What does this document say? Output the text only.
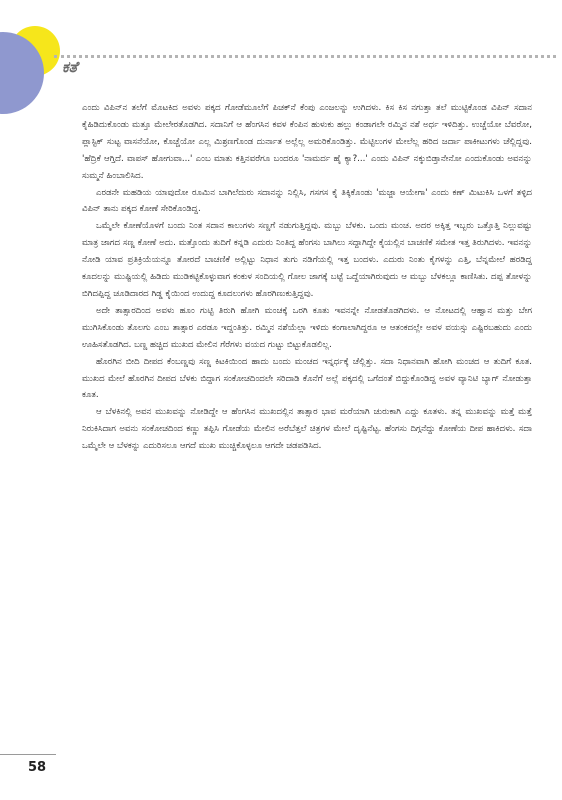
ಕತೆ

ಎಂದು ವಿಪಿನ್‌ನ ತಲೆಗೆ ಮೊಟಕಿದ ಅವಳು ಪಕ್ಕದ ಗೋಡೆಮೂಲೆಗೆ ಪಿಚಕ್‌ನೆ ಕೆಂಪು ಎಂಜಲನ್ನು ಉಗಿದಳು. ಕಿಸ ಕಿಸ ನಗುತ್ತಾ ತಲೆ ಮುಟ್ಟಿಕೊಂಡ ವಿಪಿನ್ ಸದಾನ ಕೈಹಿಡಿದುಕೊಂಡು ಮತ್ತೂ ಮೇಲೇರತೊಡಗಿದ. ಸದಾನಿಗೆ ಆ ಹೆಂಗಸಿನ ಕವಳ ಕೆಂಪಿನ ಹುಳುಕು ಹಲ್ಲು ಕಂಡಾಗಲೇ ರಮ್ಮಿನ ನಶೆ ಅರ್ಧ ಇಳಿದಿತ್ತು. ಉಚ್ಚೆಯೋ ಬೆವರೋ, ಪ್ಲಾಸ್ಟಿಕ್ ಸುಟ್ಟ ವಾಸನೆಯೋ, ಕೊಚ್ಚೆಯೋ ಎಲ್ಲ ಮಿಶ್ರಣಗೊಂಡ ದುರ್ನಾತ ಅಲ್ಲೆಲ್ಲ ಅಮರಿಕೊಂಡಿತ್ತು. ಮೆಟ್ಟಿಲುಗಳ ಮೇಲೆಲ್ಲ ಹರಿದ ಜರ್ದಾ ಪಾಕೀಟುಗಳು ಚೆಲ್ಲಿದ್ದವು. 'ಹೆದ್ರಿಕೆ ಆಗ್ತಿದೆ. ವಾಪಸ್ ಹೋಗುವಾ...' ಎಂಬ ಮಾತು ಕತ್ತಿನವರೆಗೂ ಬಂದರೂ 'ನಾಮರ್ದ ಹೈ ಕ್ಯಾ?...' ಎಂದು ವಿಪಿನ್ ನಕ್ಕುಬಿಡ್ತಾನೇನೋ ಎಂದುಕೊಂಡು ಅವನನ್ನು ಸುಮ್ಮನೆ ಹಿಂಬಾಲಿಸಿದ.

ಎರಡನೇ ಮಹಡಿಯ ಯಾವುದೋ ರೂಮಿನ ಬಾಗಿಲೆದುರು ಸದಾನನ್ನು ನಿಲ್ಲಿಸಿ, ಗಸಗಸ ಕೈ ತಿಕ್ಕಿಕೊಂಡು 'ಮಜ್ಜಾ ಆಯೇಗಾ' ಎಂದು ಕಣ್ ಮಿಟುಕಿಸಿ ಒಳಗೆ ತಳ್ಳಿದ ವಿಪಿನ್ ತಾನು ಪಕ್ಕದ ಕೋಣೆ ಸೇರಿಕೊಂಡಿದ್ದ.

ಒಮ್ಮೆಲೇ ಕೋಣೆಯೊಳಗೆ ಬಂದು ನಿಂತ ಸದಾನ ಕಾಲುಗಳು ಸಣ್ಣಗೆ ನಡುಗುತ್ತಿದ್ದವು. ಮಬ್ಬು ಬೆಳಕು. ಒಂದು ಮಂಚ. ಅದರ ಅಕ್ಕಿತ್ತ ಇಬ್ಬರು ಒತ್ತೊತ್ತಿ ನಿಲ್ಲುವಷ್ಟು ಮಾತ್ರ ಜಾಗದ ಸಣ್ಣ ಕೋಣೆ ಅದು. ಮತ್ತೊಂದು ತುದಿಗೆ ಕನ್ನಡಿ ಎದುರು ನಿಂತಿದ್ದ ಹೆಂಗಸು ಬಾಗಿಲು ಸದ್ದಾಗಿದ್ದೇ ಕೈಯಲ್ಲಿನ ಬಾಚಣಿಕೆ ಸಮೇತ ಇತ್ತ ತಿರುಗಿದಳು. ಇವನನ್ನು ನೋಡಿ ಯಾವ ಪ್ರತಿಕ್ರಿಯೆಯನ್ನೂ ತೋರದೆ ಬಾಚಣಿಕೆ ಅಲ್ಲಿಟ್ಟು ನಿಧಾನ ತುಗು ನಡಿಗೆಯಲ್ಲಿ ಇತ್ತ ಬಂದಳು. ಎದುರು ನಿಂತು ಕೈಗಳನ್ನು ಎತ್ತಿ, ಬೆನ್ನಮೇಲೆ ಹರಡಿದ್ದ ಕೂದಲನ್ನು ಮುಷ್ಟಿಯಲ್ಲಿ ಹಿಡಿದು ಮುಡಿಕಟ್ಟಿಕೊಳ್ಳುವಾಗ ಕಂಕುಳ ಸಂದಿಯಲ್ಲಿ ಗೋಲ ಜಾಗಕ್ಕೆ ಬಟ್ಟೆ ಒದ್ದೆಯಾಗಿರುವುದು ಆ ಮಬ್ಬು ಬೆಳಕಲ್ಲೂ ಕಾಣಿಸಿತು. ದಪ್ಪ ತೋಳನ್ನು ಬಿಗಿದಪ್ಪಿದ್ದ ಚೂಡಿದಾರದ ಗಿಡ್ಡ ಕೈಯಿಂದ ಉದುದ್ದ ಕೂದಲುಗಳು ಹೊರಗಿಣುಕುತ್ತಿದ್ದವು.

ಅದೇ ತಾತ್ಸಾರದಿಂದ ಅವಳು ಹೂಂ ಗುಟ್ಟಿ ತಿರುಗಿ ಹೋಗಿ ಮಂಚಕ್ಕೆ ಒರಗಿ ಕೂತು ಇವನನ್ನೇ ನೋಡತೊಡಗಿದಳು. ಆ ನೋಟದಲ್ಲಿ ಆಹ್ವಾನ ಮತ್ತು ಬೇಗ ಮುಗಿಸಿಕೊಂಡು ತೊಲಗು ಎಂಬ ತಾತ್ಸಾರ ಎರಡೂ ಇದ್ದಂತಿತ್ತು. ರಮ್ಮಿನ ನಶೆಯೆಲ್ಲಾ ಇಳಿದು ಕಂಗಾಲಾಗಿದ್ದರೂ ಆ ಆತಂಕದಲ್ಲೇ ಅವಳ ವಯಸ್ಸು ಎಷ್ಟಿರಬಹುದು ಎಂದು ಊಹಿಸತೊಡಗಿದ. ಬಣ್ಣ ಹಚ್ಚಿದ ಮುಖದ ಮೇಲಿನ ಗೆರೆಗಳು ವಯದ ಗುಟ್ಟು ಬಿಟ್ಟುಕೊಡಲಿಲ್ಲ.

ಹೊರಗಿನ ಬೀದಿ ದೀಪದ ಕೆಂಬಣ್ಣವು ಸಣ್ಣ ಕಿಟಕಿಯಿಂದ ಹಾದು ಬಂದು ಮಂಚದ ಇನ್ನರ್ಧಕ್ಕೆ ಚೆಲ್ಲಿತ್ತು. ಸದಾ ನಿಧಾನವಾಗಿ ಹೋಗಿ ಮಂಚದ ಆ ತುದಿಗೆ ಕೂತ. ಮುಖದ ಮೇಲೆ ಹೊರಗಿನ ದೀಪದ ಬೆಳಕು ಬಿದ್ದಾಗ ಸಂಕೋಚದಿಂದಲೇ ಸರಿದಾಡಿ ಕೊನೆಗೆ ಅಲ್ಲೆ ಪಕ್ಕದಲ್ಲಿ ಒಗೆದಂತೆ ಬಿದ್ದುಕೊಂಡಿದ್ದ ಅವಳ ವ್ಯಾನಿಟಿ ಬ್ಯಾಗ್ ನೋಡುತ್ತಾ ಕೂತ.

ಆ ಬೆಳಕಿನಲ್ಲಿ ಅವನ ಮುಖವನ್ನು ನೋಡಿದ್ದೇ ಆ ಹೆಂಗಸಿನ ಮುಖದಲ್ಲಿನ ತಾತ್ಸಾರ ಭಾವ ಮರೆಯಾಗಿ ಚುರುಕಾಗಿ ಎದ್ದು ಕೂತಳು. ತನ್ನ ಮುಖವನ್ನು ಮತ್ತೆ ಮತ್ತೆ ನಿರುಕಿಸಿದಾಗ ಅವನು ಸಂಕೋಚದಿಂದ ಕಣ್ಣು ತಪ್ಪಿಸಿ ಗೋಡೆಯ ಮೇಲಿನ ಅರೆಬೆತ್ತಲೆ ಚಿತ್ರಗಳ ಮೇಲೆ ದೃಷ್ಟಿನೆಟ್ಟ. ಹೆಂಗಸು ದಿಗ್ಗನೆದ್ದು ಕೋಣೆಯ ದೀಪ ಹಾಕಿದಳು. ಸದಾ ಒಮ್ಮೆಲೇ ಆ ಬೆಳಕನ್ನು ಎದುರಿಸಲೂ ಆಗದೆ ಮುಖ ಮುಚ್ಚಿಕೊಳ್ಳಲೂ ಆಗದೇ ಚಡಪಡಿಸಿದ.

58
